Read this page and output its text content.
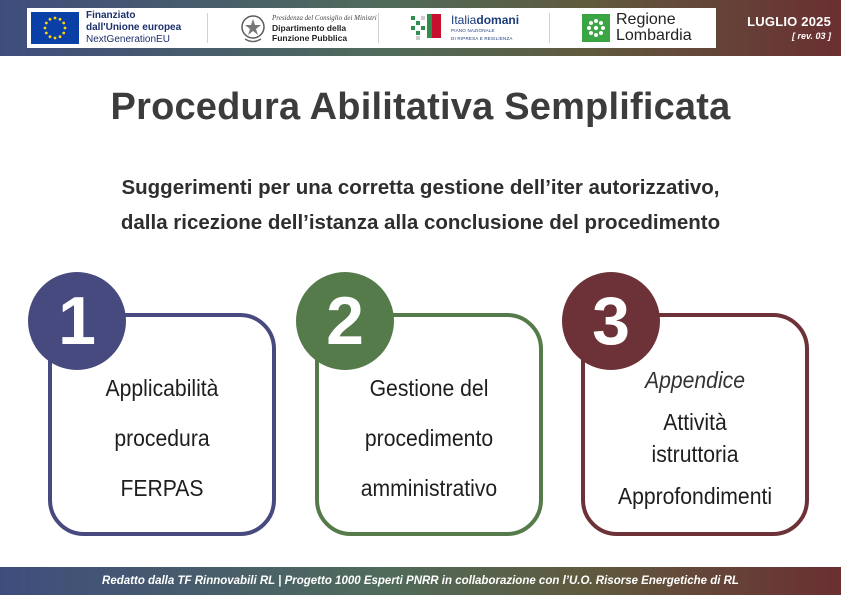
Finanziato
dall'Unione europea
NextGenerationEU
Presidenza del Consiglio dei Ministri
Dipartimento della
Funzione Pubblica
Italiadomani
PIANO NAZIONALE
DI RIPRESA E RESILIENZA
Regione
Lombardia
LUGLIO 2025
[ rev. 03 ]
Procedura Abilitativa Semplificata
Suggerimenti per una corretta gestione dell’iter autorizzativo,
dalla ricezione dell’istanza alla conclusione del procedimento
Applicabilità
procedura
FERPAS
1
Gestione del
procedimento
amministrativo
2
Appendice
Attività
istruttoria
Approfondimenti
3
Redatto dalla TF Rinnovabili RL | Progetto 1000 Esperti PNRR in collaborazione con l’U.O. Risorse Energetiche di RL
